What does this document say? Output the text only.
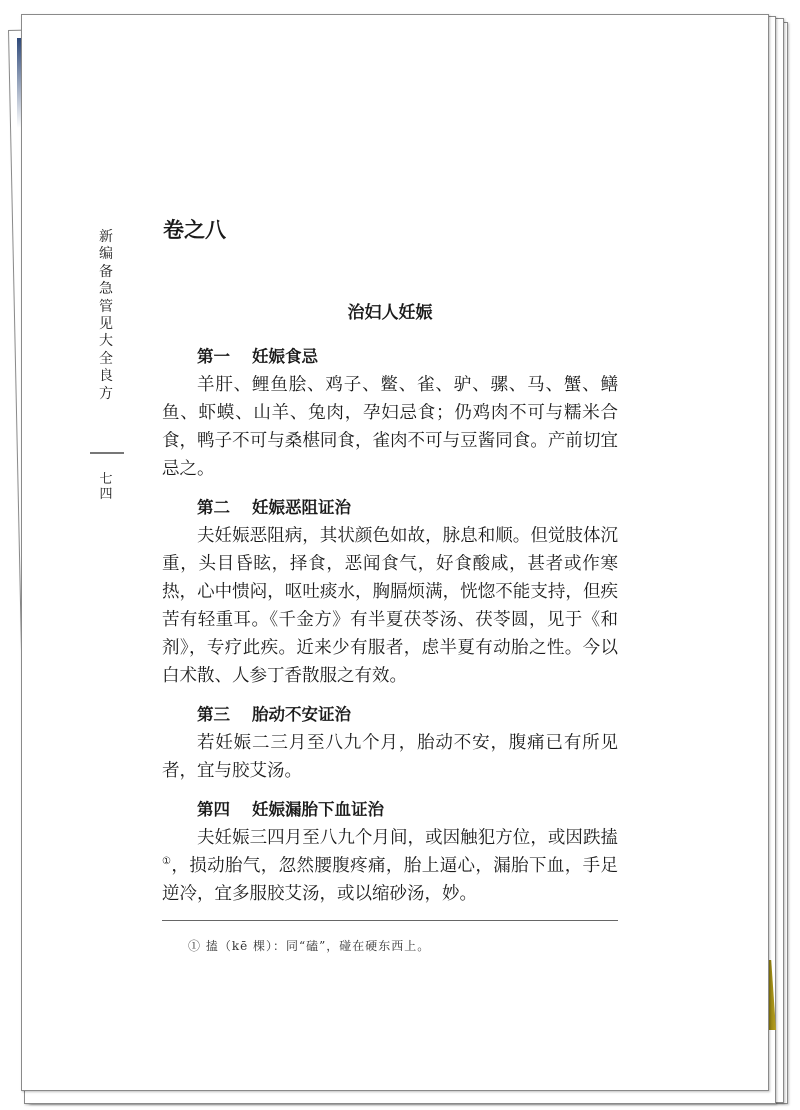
新
编
备
急
管
见
大
全
良
方
七
四
卷之八
治妇人妊娠
第一 妊娠食忌

羊肝、鲤鱼脍、鸡子、鳖、雀、驴、骡、马、蟹、鳝鱼、虾蟆、山羊、兔肉，孕妇忌食；仍鸡肉不可与糯米合食，鸭子不可与桑椹同食，雀肉不可与豆酱同食。产前切宜忌之。

第二 妊娠恶阻证治

夫妊娠恶阻病，其状颜色如故，脉息和顺。但觉肢体沉重，头目昏眩，择食，恶闻食气，好食酸咸，甚者或作寒热，心中愦闷，呕吐痰水，胸膈烦满，恍惚不能支持，但疾苦有轻重耳。《千金方》有半夏茯苓汤、茯苓圆，见于《和剂》，专疗此疾。近来少有服者，虑半夏有动胎之性。今以白术散、人参丁香散服之有效。

第三 胎动不安证治

若妊娠二三月至八九个月，胎动不安，腹痛已有所见者，宜与胶艾汤。

第四 妊娠漏胎下血证治

夫妊娠三四月至八九个月间，或因触犯方位，或因跌搕①，损动胎气，忽然腰腹疼痛，胎上逼心，漏胎下血，手足逆冷，宜多服胶艾汤，或以缩砂汤，妙。

① 搕（kē 棵）：同“磕”，碰在硬东西上。
